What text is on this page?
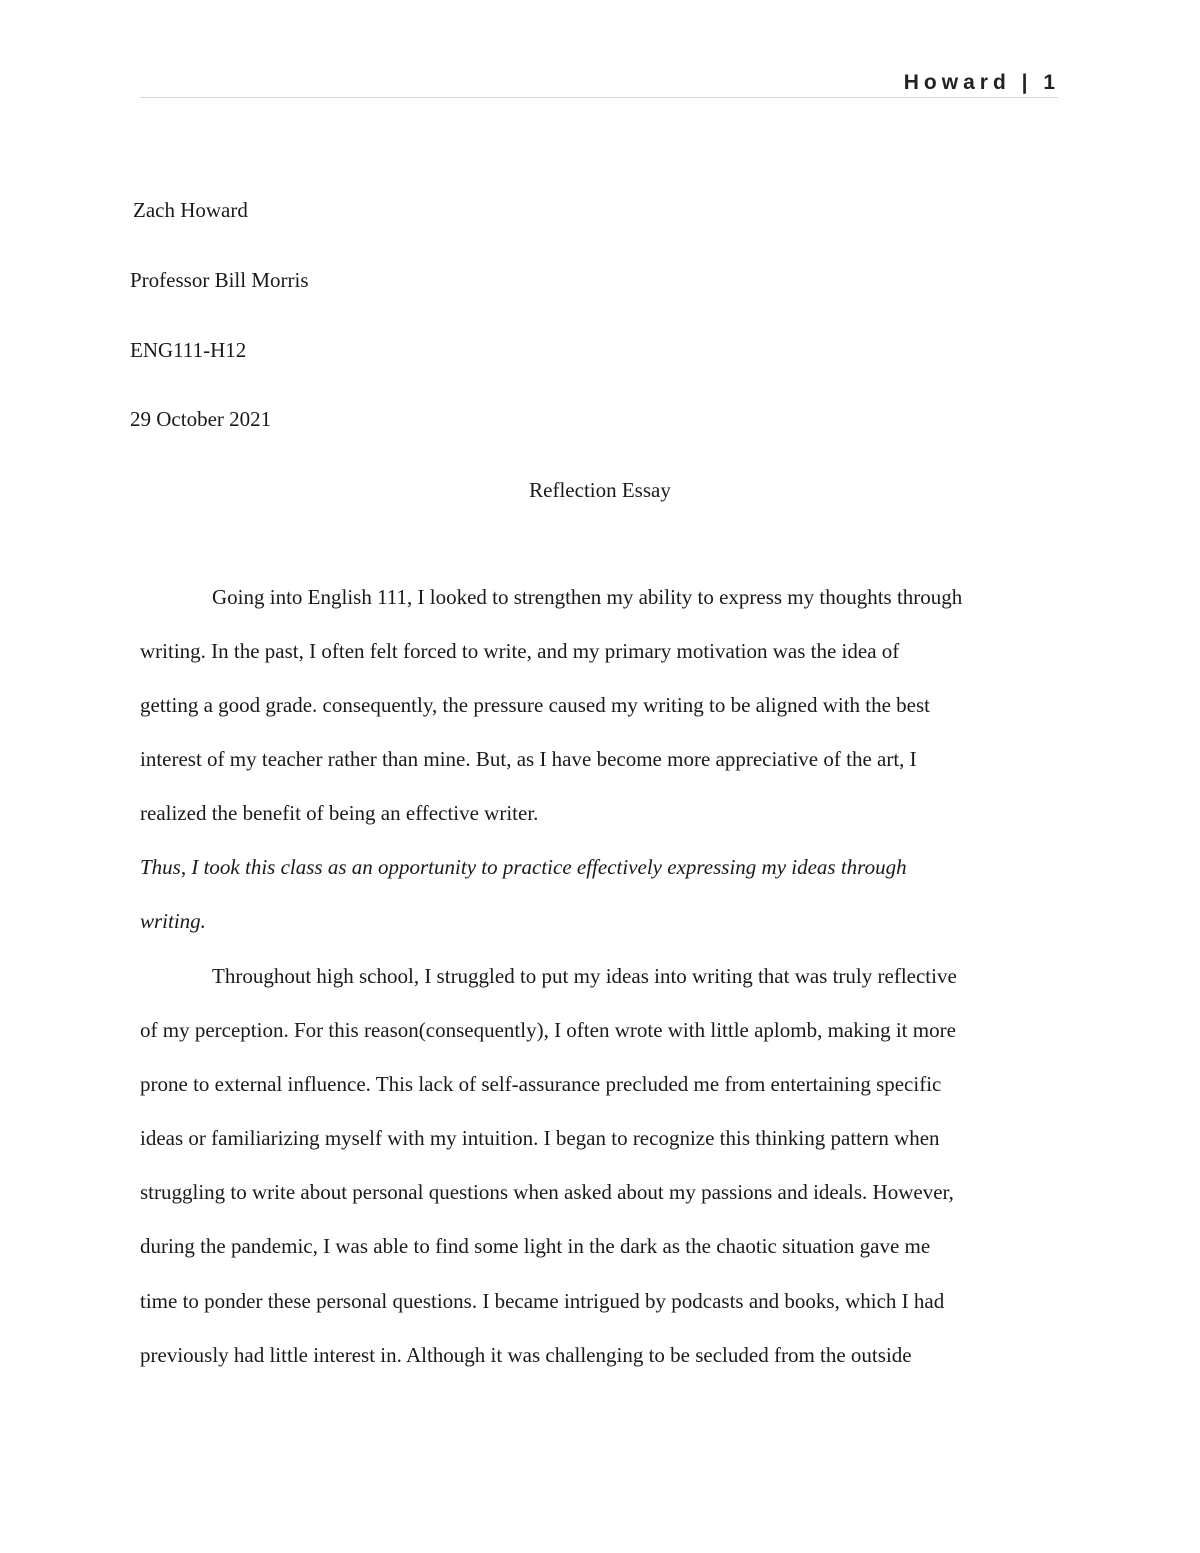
Howard | 1
Zach Howard
Professor Bill Morris
ENG111-H12
29 October 2021
Reflection Essay
Going into English 111, I looked to strengthen my ability to express my thoughts through
writing. In the past, I often felt forced to write, and my primary motivation was the idea of
getting a good grade. consequently, the pressure caused my writing to be aligned with the best
interest of my teacher rather than mine. But, as I have become more appreciative of the art, I
realized the benefit of being an effective writer.
Thus, I took this class as an opportunity to practice effectively expressing my ideas through
writing.
Throughout high school, I struggled to put my ideas into writing that was truly reflective
of my perception. For this reason(consequently), I often wrote with little aplomb, making it more
prone to external influence. This lack of self-assurance precluded me from entertaining specific
ideas or familiarizing myself with my intuition. I began to recognize this thinking pattern when
struggling to write about personal questions when asked about my passions and ideals. However,
during the pandemic, I was able to find some light in the dark as the chaotic situation gave me
time to ponder these personal questions. I became intrigued by podcasts and books, which I had
previously had little interest in. Although it was challenging to be secluded from the outside
